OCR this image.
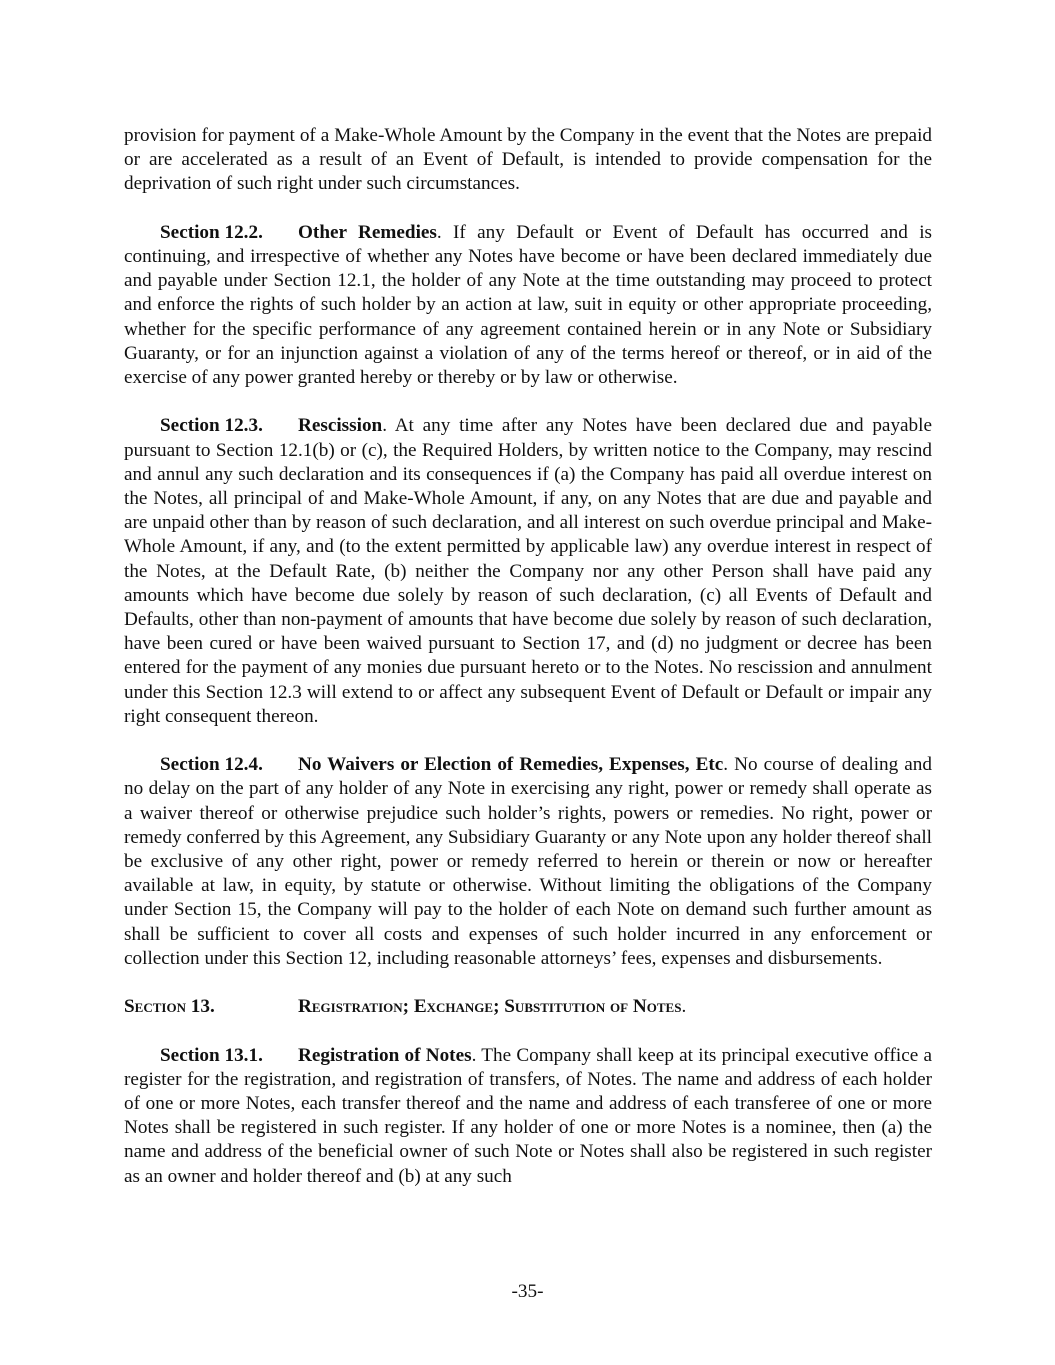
provision for payment of a Make-Whole Amount by the Company in the event that the Notes are prepaid or are accelerated as a result of an Event of Default, is intended to provide compensation for the deprivation of such right under such circumstances.

Section 12.2. Other Remedies. If any Default or Event of Default has occurred and is continuing, and irrespective of whether any Notes have become or have been declared immediately due and payable under Section 12.1, the holder of any Note at the time outstanding may proceed to protect and enforce the rights of such holder by an action at law, suit in equity or other appropriate proceeding, whether for the specific performance of any agreement contained herein or in any Note or Subsidiary Guaranty, or for an injunction against a violation of any of the terms hereof or thereof, or in aid of the exercise of any power granted hereby or thereby or by law or otherwise.

Section 12.3. Rescission. At any time after any Notes have been declared due and payable pursuant to Section 12.1(b) or (c), the Required Holders, by written notice to the Company, may rescind and annul any such declaration and its consequences if (a) the Company has paid all overdue interest on the Notes, all principal of and Make-Whole Amount, if any, on any Notes that are due and payable and are unpaid other than by reason of such declaration, and all interest on such overdue principal and Make-Whole Amount, if any, and (to the extent permitted by applicable law) any overdue interest in respect of the Notes, at the Default Rate, (b) neither the Company nor any other Person shall have paid any amounts which have become due solely by reason of such declaration, (c) all Events of Default and Defaults, other than non-payment of amounts that have become due solely by reason of such declaration, have been cured or have been waived pursuant to Section 17, and (d) no judgment or decree has been entered for the payment of any monies due pursuant hereto or to the Notes. No rescission and annulment under this Section 12.3 will extend to or affect any subsequent Event of Default or Default or impair any right consequent thereon.

Section 12.4. No Waivers or Election of Remedies, Expenses, Etc. No course of dealing and no delay on the part of any holder of any Note in exercising any right, power or remedy shall operate as a waiver thereof or otherwise prejudice such holder’s rights, powers or remedies. No right, power or remedy conferred by this Agreement, any Subsidiary Guaranty or any Note upon any holder thereof shall be exclusive of any other right, power or remedy referred to herein or therein or now or hereafter available at law, in equity, by statute or otherwise. Without limiting the obligations of the Company under Section 15, the Company will pay to the holder of each Note on demand such further amount as shall be sufficient to cover all costs and expenses of such holder incurred in any enforcement or collection under this Section 12, including reasonable attorneys’ fees, expenses and disbursements.

Section 13.	Registration; Exchange; Substitution of Notes.

Section 13.1. Registration of Notes. The Company shall keep at its principal executive office a register for the registration, and registration of transfers, of Notes. The name and address of each holder of one or more Notes, each transfer thereof and the name and address of each transferee of one or more Notes shall be registered in such register. If any holder of one or more Notes is a nominee, then (a) the name and address of the beneficial owner of such Note or Notes shall also be registered in such register as an owner and holder thereof and (b) at any such

-35-
